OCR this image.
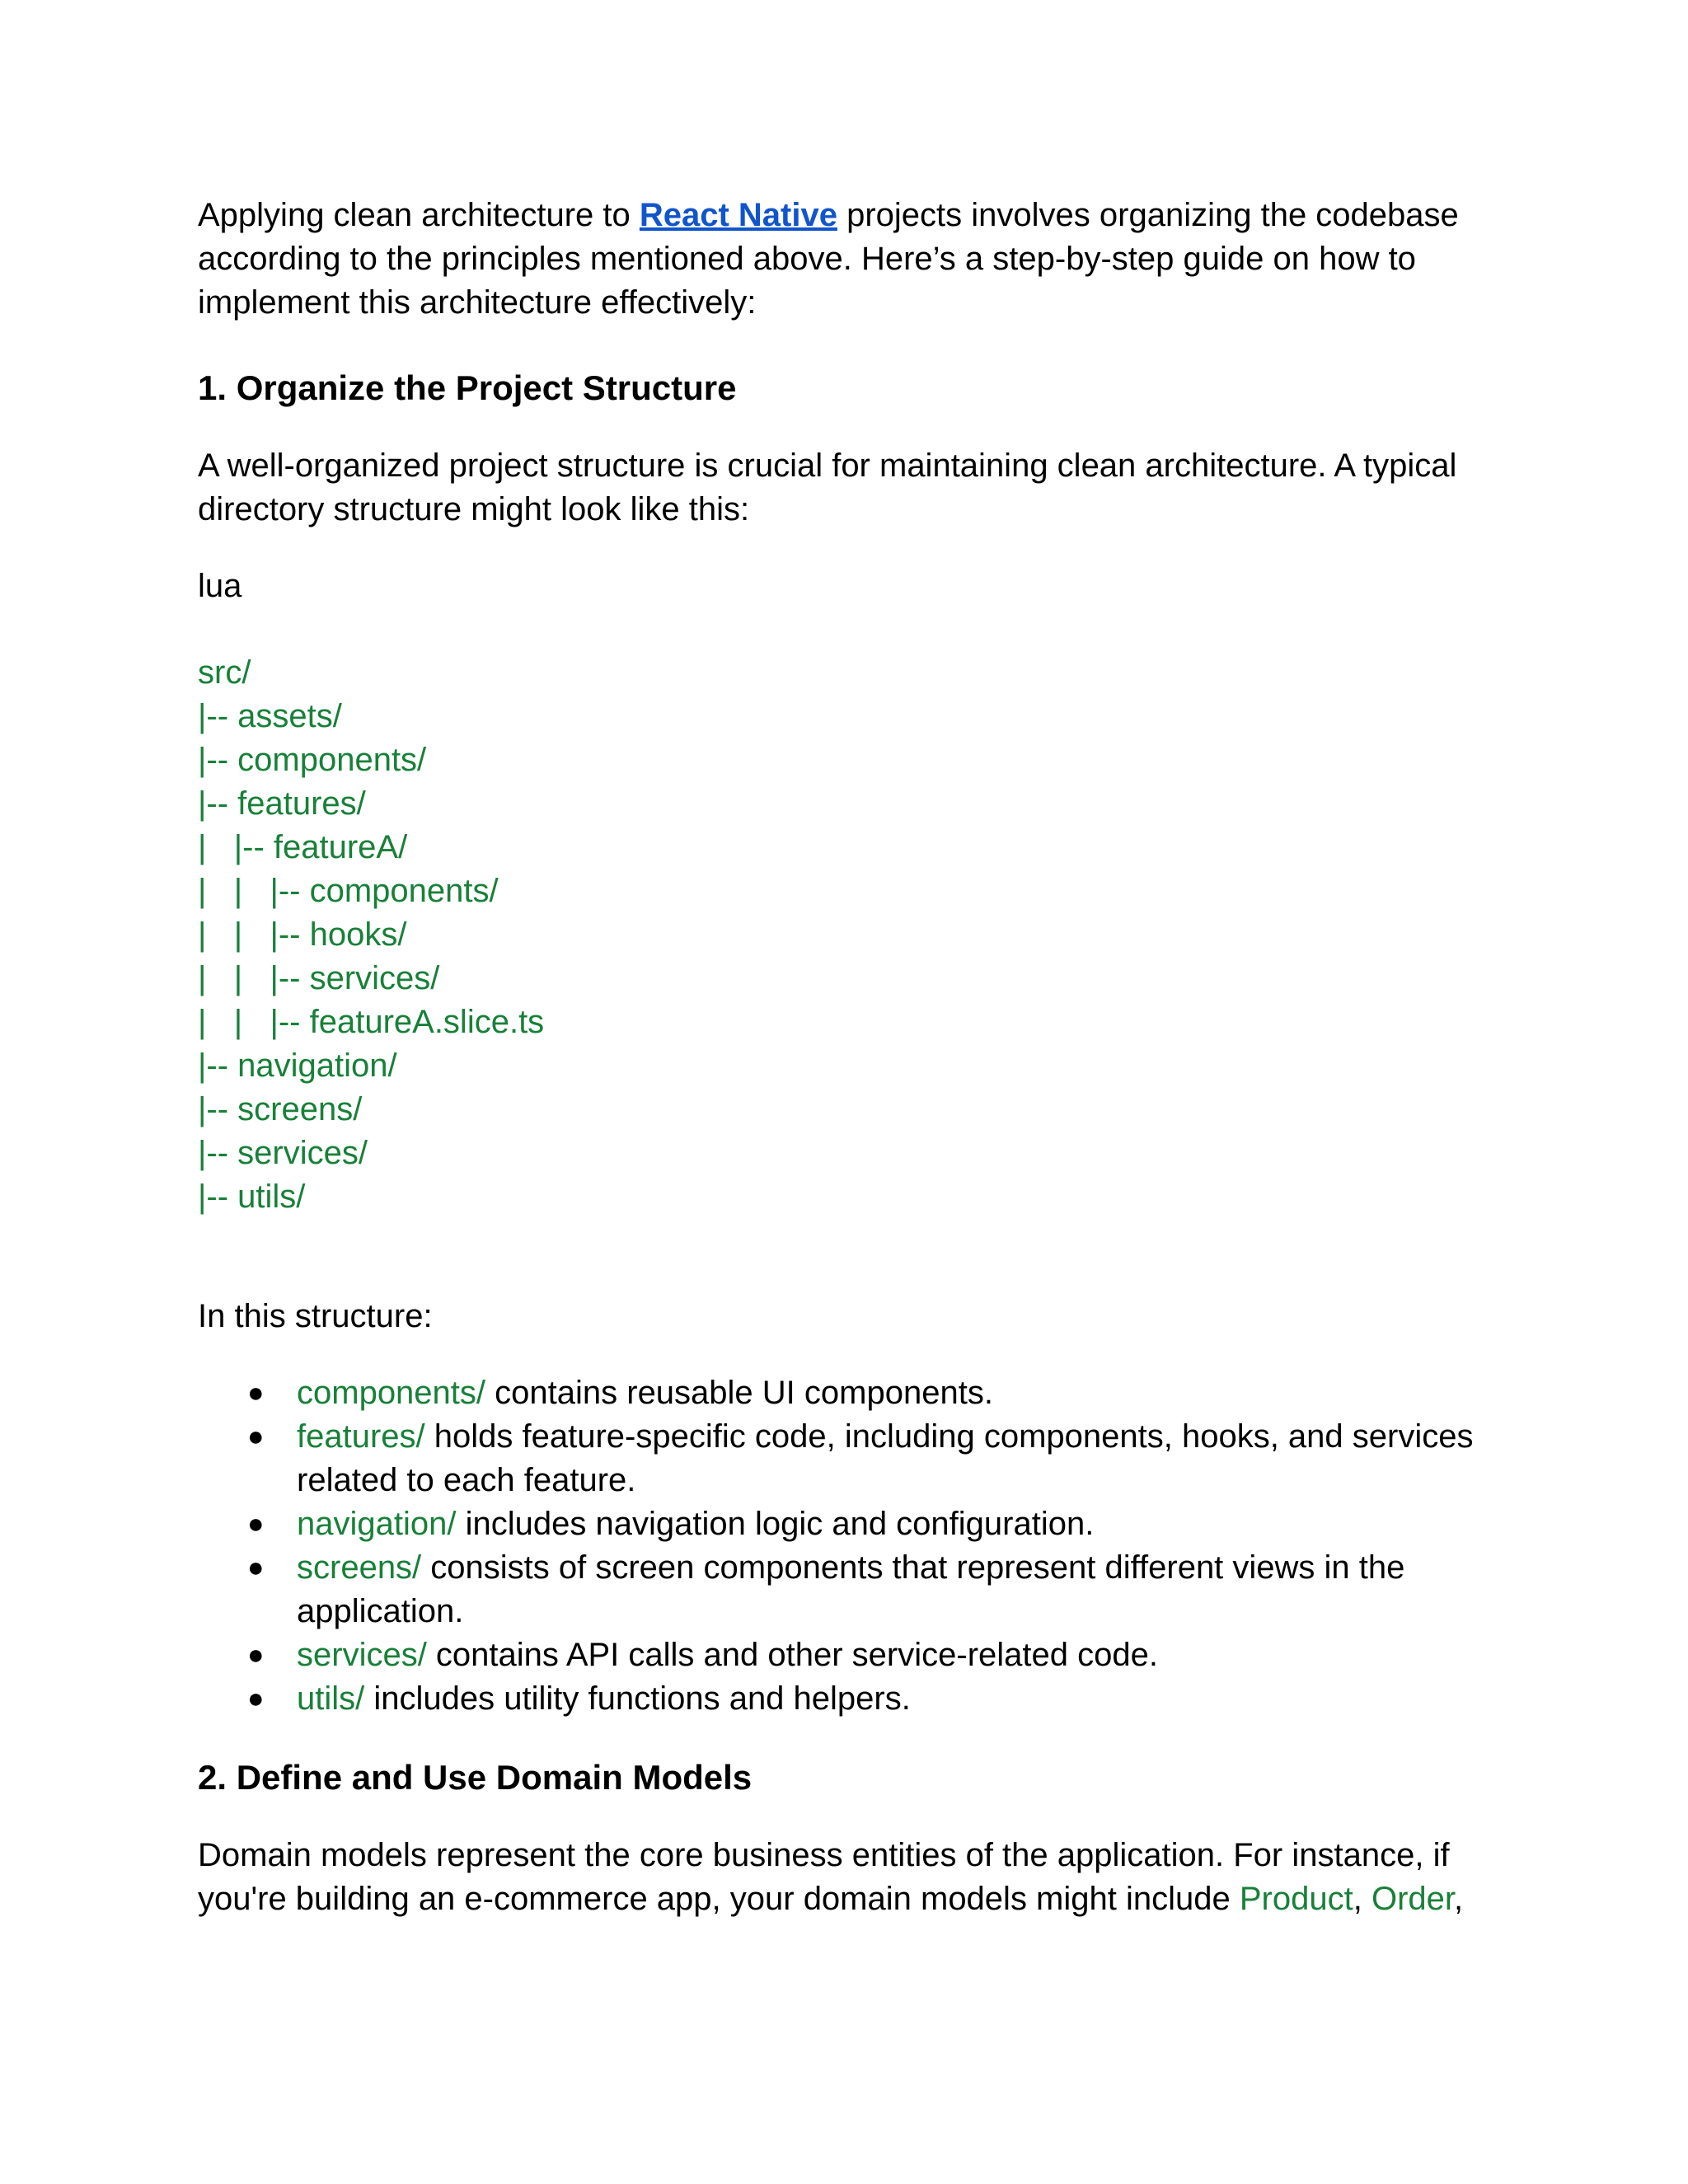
Applying clean architecture to React Native projects involves organizing the codebase according to the principles mentioned above. Here’s a step-by-step guide on how to implement this architecture effectively:

1. Organize the Project Structure

A well-organized project structure is crucial for maintaining clean architecture. A typical directory structure might look like this:

lua

src/
|-- assets/
|-- components/
|-- features/
|   |-- featureA/
|   |   |-- components/
|   |   |-- hooks/
|   |   |-- services/
|   |   |-- featureA.slice.ts
|-- navigation/
|-- screens/
|-- services/
|-- utils/

In this structure:

● components/ contains reusable UI components.
● features/ holds feature-specific code, including components, hooks, and services related to each feature.
● navigation/ includes navigation logic and configuration.
● screens/ consists of screen components that represent different views in the application.
● services/ contains API calls and other service-related code.
● utils/ includes utility functions and helpers.
2. Define and Use Domain Models

Domain models represent the core business entities of the application. For instance, if you're building an e-commerce app, your domain models might include Product, Order,
